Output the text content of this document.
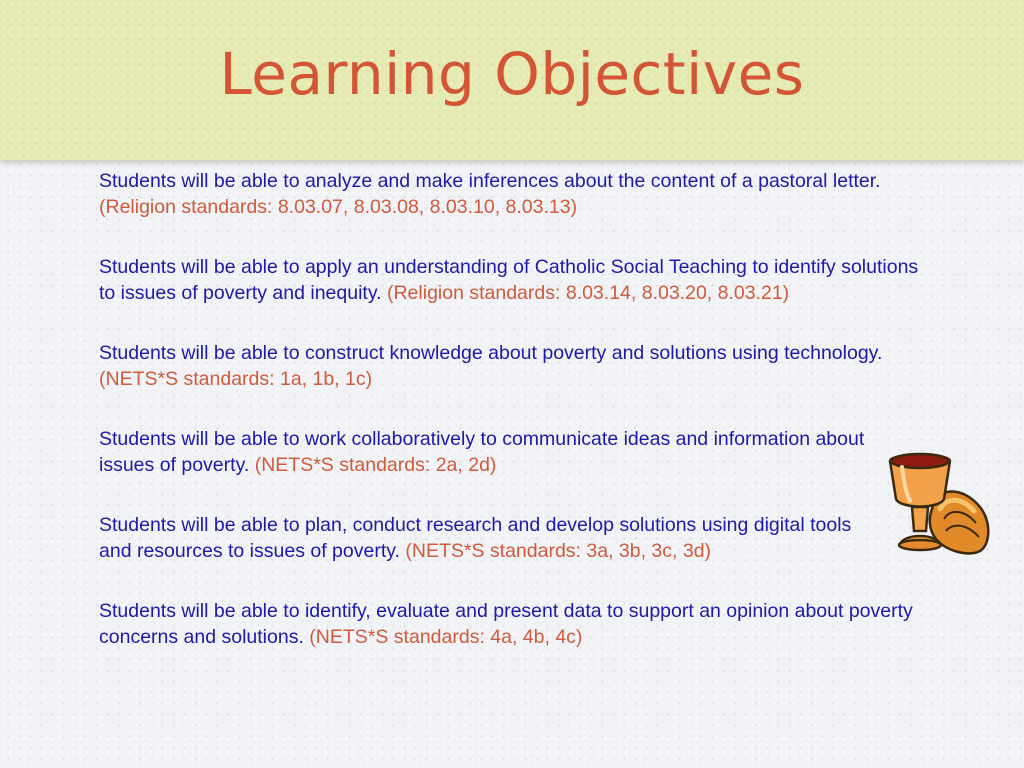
Learning Objectives
Students will be able to analyze and make inferences about the content of a pastoral letter. (Religion standards: 8.03.07, 8.03.08, 8.03.10, 8.03.13)
Students will be able to apply an understanding of Catholic Social Teaching to identify solutions to issues of poverty and inequity. (Religion standards: 8.03.14, 8.03.20, 8.03.21)
Students will be able to construct knowledge about poverty and solutions using technology. (NETS*S standards: 1a, 1b, 1c)
Students will be able to work collaboratively to communicate ideas and information about issues of poverty. (NETS*S standards: 2a, 2d)
Students will be able to plan, conduct research and develop solutions using digital tools and resources to issues of poverty. (NETS*S standards: 3a, 3b, 3c, 3d)
Students will be able to identify, evaluate and present data to support an opinion about poverty concerns and solutions. (NETS*S standards: 4a, 4b, 4c)
